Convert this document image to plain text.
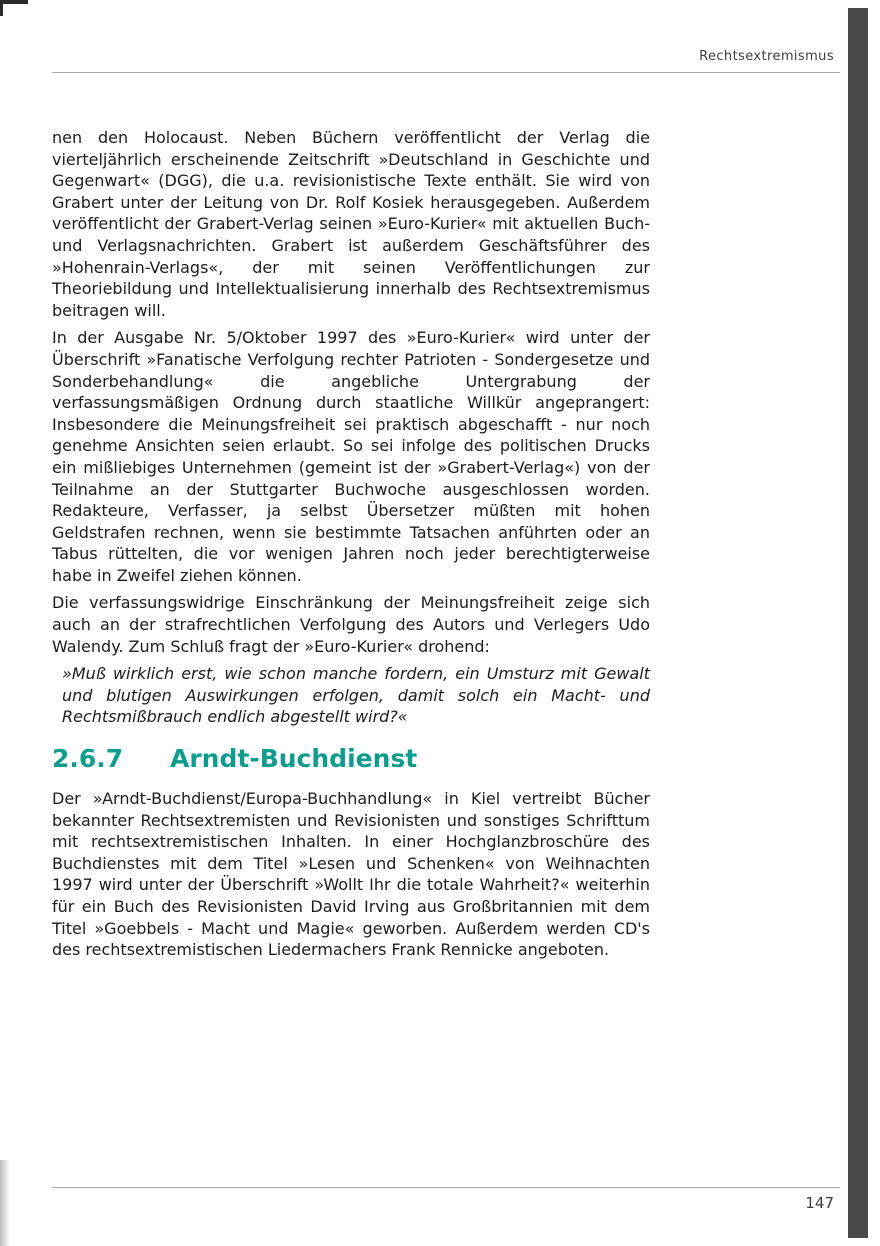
Rechtsextremismus

nen den Holocaust. Neben Büchern veröffentlicht der Verlag die vierteljährlich erscheinende Zeitschrift »Deutschland in Geschichte und Gegenwart« (DGG), die u.a. revisionistische Texte enthält. Sie wird von Grabert unter der Leitung von Dr. Rolf Kosiek herausgegeben. Außerdem veröffentlicht der Grabert-Verlag seinen »Euro-Kurier« mit aktuellen Buch- und Verlagsnachrichten. Grabert ist außerdem Geschäftsführer des »Hohenrain-Verlags«, der mit seinen Veröffentlichungen zur Theoriebildung und Intellektualisierung innerhalb des Rechtsextremismus beitragen will.

In der Ausgabe Nr. 5/Oktober 1997 des »Euro-Kurier« wird unter der Überschrift »Fanatische Verfolgung rechter Patrioten - Sondergesetze und Sonderbehandlung« die angebliche Untergrabung der verfassungsmäßigen Ordnung durch staatliche Willkür angeprangert: Insbesondere die Meinungsfreiheit sei praktisch abgeschafft - nur noch genehme Ansichten seien erlaubt. So sei infolge des politischen Drucks ein mißliebiges Unternehmen (gemeint ist der »Grabert-Verlag«) von der Teilnahme an der Stuttgarter Buchwoche ausgeschlossen worden. Redakteure, Verfasser, ja selbst Übersetzer müßten mit hohen Geldstrafen rechnen, wenn sie bestimmte Tatsachen anführten oder an Tabus rüttelten, die vor wenigen Jahren noch jeder berechtigterweise habe in Zweifel ziehen können.

Die verfassungswidrige Einschränkung der Meinungsfreiheit zeige sich auch an der strafrechtlichen Verfolgung des Autors und Verlegers Udo Walendy. Zum Schluß fragt der »Euro-Kurier« drohend:

»Muß wirklich erst, wie schon manche fordern, ein Umsturz mit Gewalt und blutigen Auswirkungen erfolgen, damit solch ein Macht- und Rechtsmißbrauch endlich abgestellt wird?«

2.6.7 Arndt-Buchdienst

Der »Arndt-Buchdienst/Europa-Buchhandlung« in Kiel vertreibt Bücher bekannter Rechtsextremisten und Revisionisten und sonstiges Schrifttum mit rechtsextremistischen Inhalten. In einer Hochglanzbroschüre des Buchdienstes mit dem Titel »Lesen und Schenken« von Weihnachten 1997 wird unter der Überschrift »Wollt Ihr die totale Wahrheit?« weiterhin für ein Buch des Revisionisten David Irving aus Großbritannien mit dem Titel »Goebbels - Macht und Magie« geworben. Außerdem werden CD's des rechtsextremistischen Liedermachers Frank Rennicke angeboten.

147
